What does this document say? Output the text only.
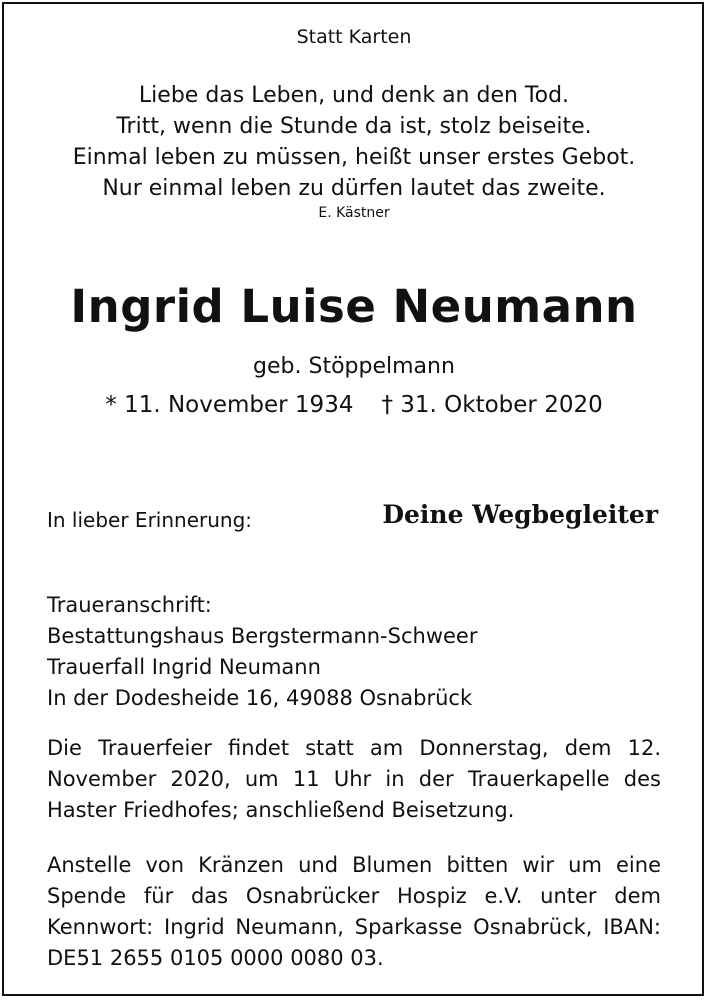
Statt Karten
Liebe das Leben, und denk an den Tod.
Tritt, wenn die Stunde da ist, stolz beiseite.
Einmal leben zu müssen, heißt unser erstes Gebot.
Nur einmal leben zu dürfen lautet das zweite.
E. Kästner
Ingrid Luise Neumann
geb. Stöppelmann
* 11. November 1934 † 31. Oktober 2020
In lieber Erinnerung:	Deine Wegbegleiter
Traueranschrift:
Bestattungshaus Bergstermann-Schweer
Trauerfall Ingrid Neumann
In der Dodesheide 16, 49088 Osnabrück
Die Trauerfeier findet statt am Donnerstag, dem 12. November 2020, um 11 Uhr in der Trauerkapelle des Haster Friedhofes; anschließend Beisetzung.
Anstelle von Kränzen und Blumen bitten wir um eine Spende für das Osnabrücker Hospiz e.V. unter dem Kennwort: Ingrid Neumann, Sparkasse Osnabrück, IBAN: DE51 2655 0105 0000 0080 03.
